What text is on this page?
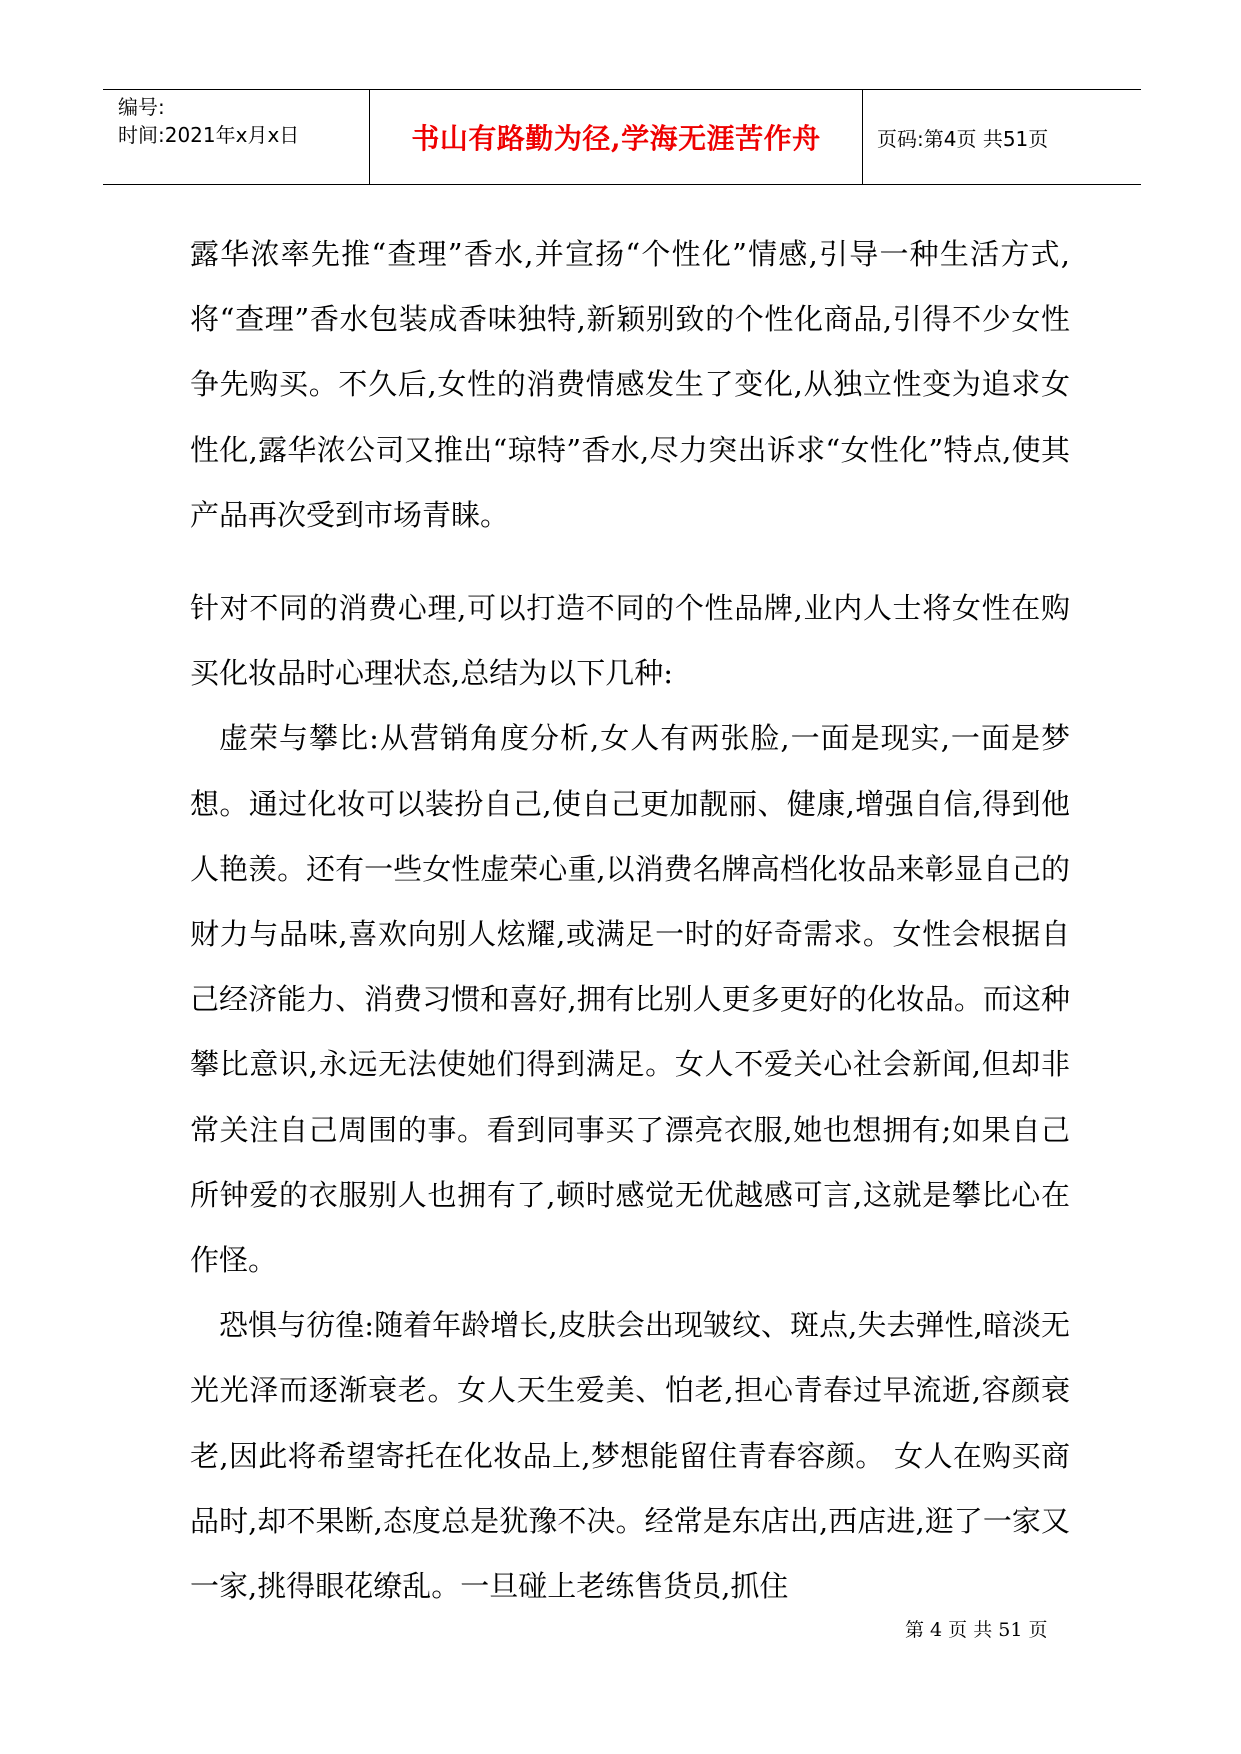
编号:
时间:2021年x月x日	书山有路勤为径,学海无涯苦作舟	页码:第4页 共51页

露华浓率先推“查理”香水,并宣扬“个性化”情感,引导一种生活方式,将“查理”香水包装成香味独特,新颖别致的个性化商品,引得不少女性争先购买。不久后,女性的消费情感发生了变化,从独立性变为追求女性化,露华浓公司又推出“琼特”香水,尽力突出诉求“女性化”特点,使其产品再次受到市场青睐。

针对不同的消费心理,可以打造不同的个性品牌,业内人士将女性在购买化妆品时心理状态,总结为以下几种:

虚荣与攀比:从营销角度分析,女人有两张脸,一面是现实,一面是梦想。通过化妆可以装扮自己,使自己更加靓丽、健康,增强自信,得到他人艳羡。还有一些女性虚荣心重,以消费名牌高档化妆品来彰显自己的财力与品味,喜欢向别人炫耀,或满足一时的好奇需求。女性会根据自己经济能力、消费习惯和喜好,拥有比别人更多更好的化妆品。而这种攀比意识,永远无法使她们得到满足。女人不爱关心社会新闻,但却非常关注自己周围的事。看到同事买了漂亮衣服,她也想拥有;如果自己所钟爱的衣服别人也拥有了,顿时感觉无优越感可言,这就是攀比心在作怪。

恐惧与彷徨:随着年龄增长,皮肤会出现皱纹、斑点,失去弹性,暗淡无光光泽而逐渐衰老。女人天生爱美、怕老,担心青春过早流逝,容颜衰老,因此将希望寄托在化妆品上,梦想能留住青春容颜。 女人在购买商品时,却不果断,态度总是犹豫不决。经常是东店出,西店进,逛了一家又一家,挑得眼花缭乱。一旦碰上老练售货员,抓住

第 4 页 共 51 页
